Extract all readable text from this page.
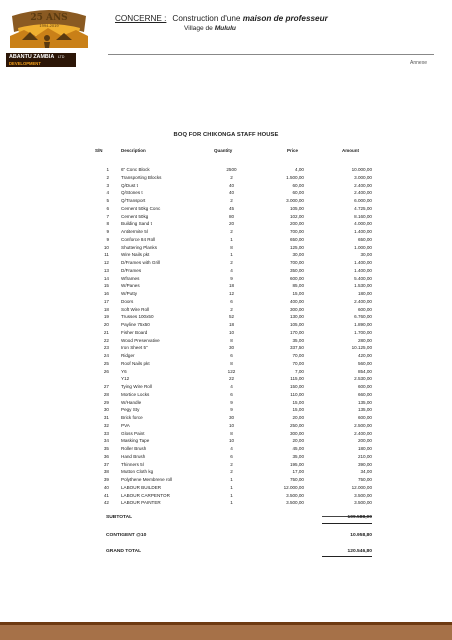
25 ANS
1994-2019
ABANTU ZAMBIA LTD
DEVELOPMENT
CONCERNE : Construction d'une maison de professeur
Village de Mululu
Annexe
BOQ FOR CHIKONGA STAFF HOUSE
S/N	Description	Quantity	Price	Amount
1	6" Conc Block	2500	4,00	10.000,00
2	Transporting Blocks	2	1.500,00	3.000,00
3	Q/Dust t	40	60,00	2.400,00
4	Q/Stones t	40	60,00	2.400,00
5	Q/Transport	2	3.000,00	6.000,00
6	Cement 50kg Conc	45	105,00	4.725,00
7	Cement 50kg	80	102,00	8.160,00
8	Building Sand t	20	200,00	4.000,00
9	Antitermite 5l	2	700,00	1.400,00
9	Conforce 84 Roll	1	650,00	650,00
10	Shuttering Planks	8	125,00	1.000,00
11	Wire Nails pkt	1	30,00	30,00
12	D/Frames with Grill	2	700,00	1.400,00
13	D/Frames	4	350,00	1.400,00
14	Wframes	9	600,00	5.400,00
15	W/Panes	18	85,00	1.530,00
16	W/Putty	12	15,00	180,00
17	Doors	6	400,00	2.400,00
18	Soft Wire Roll	2	300,00	600,00
19	Trusses 100x50	52	130,00	6.760,00
20	Payline 75x50	18	105,00	1.890,00
21	Fisher Board	10	170,00	1.700,00
22	Wood Preservative	8	35,00	280,00
23	Iron Sheet 5"	30	337,50	10.125,00
24	Ridger	6	70,00	420,00
25	Roof Nails pkt	8	70,00	560,00
26	Y6	122	7,00	854,00
Y12	22	115,00	2.530,00
27	Tying Wire Roll	4	150,00	600,00
28	Mortice Locks	6	110,00	660,00
29	W/Handle	9	15,00	135,00
30	Pegy Sty	9	15,00	135,00
31	Brick force	30	20,00	600,00
32	PVA	10	250,00	2.500,00
33	Gloss Paint	8	300,00	2.400,00
34	Masking Tape	10	20,00	200,00
35	Roller Brush	4	45,00	180,00
36	Hand Brush	6	35,00	210,00
37	Thinners 5l	2	195,00	390,00
38	Mutton Cloth kg	2	17,00	34,00
39	Polythene Membrene roll	1	750,00	750,00
40	LABOUR BUILDER	1	12.000,00	12.000,00
41	LABOUR CARPENTOR	1	3.500,00	3.500,00
42	LABOUR PAINTER	1	3.500,00	3.500,00
SUBTOTAL	109.588,00
CONTIGENT @10	10.958,80
GRAND TOTAL	120.546,80
